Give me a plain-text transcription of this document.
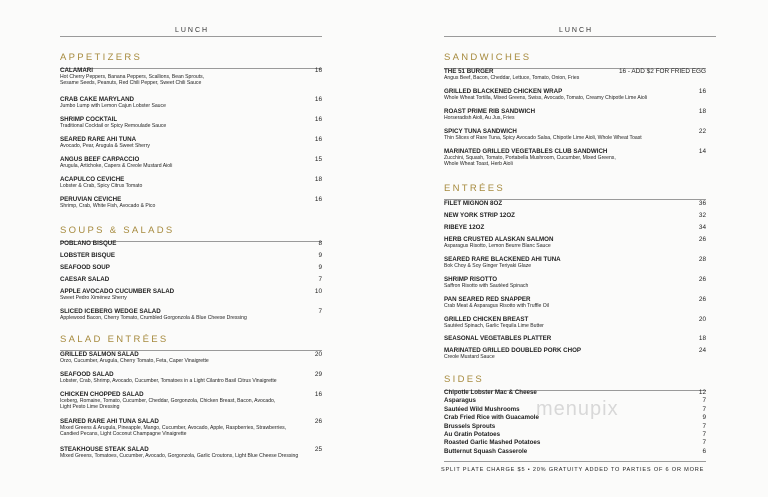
LUNCH	LUNCH
APPETIZERS
CALAMARI
Hot Cherry Peppers, Banana Peppers, Scallions, Bean Sprouts,
Sesame Seeds, Peanuts, Red Chili Pepper, Sweet Chili Sauce
16
CRAB CAKE MARYLAND
Jumbo Lump with Lemon Cajun Lobster Sauce
16
SHRIMP COCKTAIL
Traditional Cocktail or Spicy Remoulade Sauce
16
SEARED RARE AHI TUNA
Avocado, Pear, Arugula & Sweet Sherry
16
ANGUS BEEF CARPACCIO
Arugula, Artichoke, Capers & Creole Mustard Aioli
15
ACAPULCO CEVICHE
Lobster & Crab, Spicy Citrus Tomato
18
PERUVIAN CEVICHE
Shrimp, Crab, White Fish, Avocado & Pico
16
SOUPS & SALADS
POBLANO BISQUE	8
LOBSTER BISQUE	9
SEAFOOD SOUP	9
CAESAR SALAD	7
APPLE AVOCADO CUCUMBER SALAD
Sweet Pedro Ximénez Sherry
10
SLICED ICEBERG WEDGE SALAD
Applewood Bacon, Cherry Tomato, Crumbled Gorgonzola & Blue Cheese Dressing
7
SALAD ENTRÉES
GRILLED SALMON SALAD
Orzo, Cucumber, Arugula, Cherry Tomato, Feta, Caper Vinaigrette
20
SEAFOOD SALAD
Lobster, Crab, Shrimp, Avocado, Cucumber, Tomatoes in a Light Cilantro Basil Citrus Vinaigrette
29
CHICKEN CHOPPED SALAD
Iceberg, Romaine, Tomato, Cucumber, Cheddar, Gorgonzola, Chicken Breast, Bacon, Avocado,
Light Pesto Lime Dressing
16
SEARED RARE AHI TUNA SALAD
Mixed Greens & Arugula, Pineapple, Mango, Cucumber, Avocado, Apple, Raspberries, Strawberries,
Candied Pecans, Light Coconut Champagne Vinaigrette
26
STEAKHOUSE STEAK SALAD
Mixed Greens, Tomatoes, Cucumber, Avocado, Gorgonzola, Garlic Croutons, Light Blue Cheese Dressing
25
SANDWICHES
THE 51 BURGER
Angus Beef, Bacon, Cheddar, Lettuce, Tomato, Onion, Fries
16 - ADD $2 FOR FRIED EGG
GRILLED BLACKENED CHICKEN WRAP
Whole Wheat Tortilla, Mixed Greens, Swiss, Avocado, Tomato, Creamy Chipotle Lime Aioli
16
ROAST PRIME RIB SANDWICH
Horseradish Aioli, Au Jus, Fries
18
SPICY TUNA SANDWICH
Thin Slices of Rare Tuna, Spicy Avocado Salsa, Chipotle Lime Aioli, Whole Wheat Toast
22
MARINATED GRILLED VEGETABLES CLUB SANDWICH
Zucchini, Squash, Tomato, Portabella Mushroom, Cucumber, Mixed Greens,
Whole Wheat Toast, Herb Aioli
14
ENTRÉES
FILET MIGNON 8OZ	36
NEW YORK STRIP 12OZ	32
RIBEYE 12OZ	34
HERB CRUSTED ALASKAN SALMON
Asparagus Risotto, Lemon Beurre Blanc Sauce
26
SEARED RARE BLACKENED AHI TUNA
Bok Choy & Soy Ginger Teriyaki Glaze
28
SHRIMP RISOTTO
Saffron Risotto with Sautéed Spinach
26
PAN SEARED RED SNAPPER
Crab Meat & Asparagus Risotto with Truffle Oil
26
GRILLED CHICKEN BREAST
Sautéed Spinach, Garlic Tequila Lime Butter
20
SEASONAL VEGETABLES PLATTER	18
MARINATED GRILLED DOUBLED PORK CHOP
Creole Mustard Sauce
24
SIDES
Chipotle Lobster Mac & Cheese	12
Asparagus	7
Sautéed Wild Mushrooms	7
Crab Fried Rice with Guacamole	9
Brussels Sprouts	7
Au Gratin Potatoes	7
Roasted Garlic Mashed Potatoes	7
Butternut Squash Casserole	6
menupix
SPLIT PLATE CHARGE $5 • 20% GRATUITY ADDED TO PARTIES OF 6 OR MORE
